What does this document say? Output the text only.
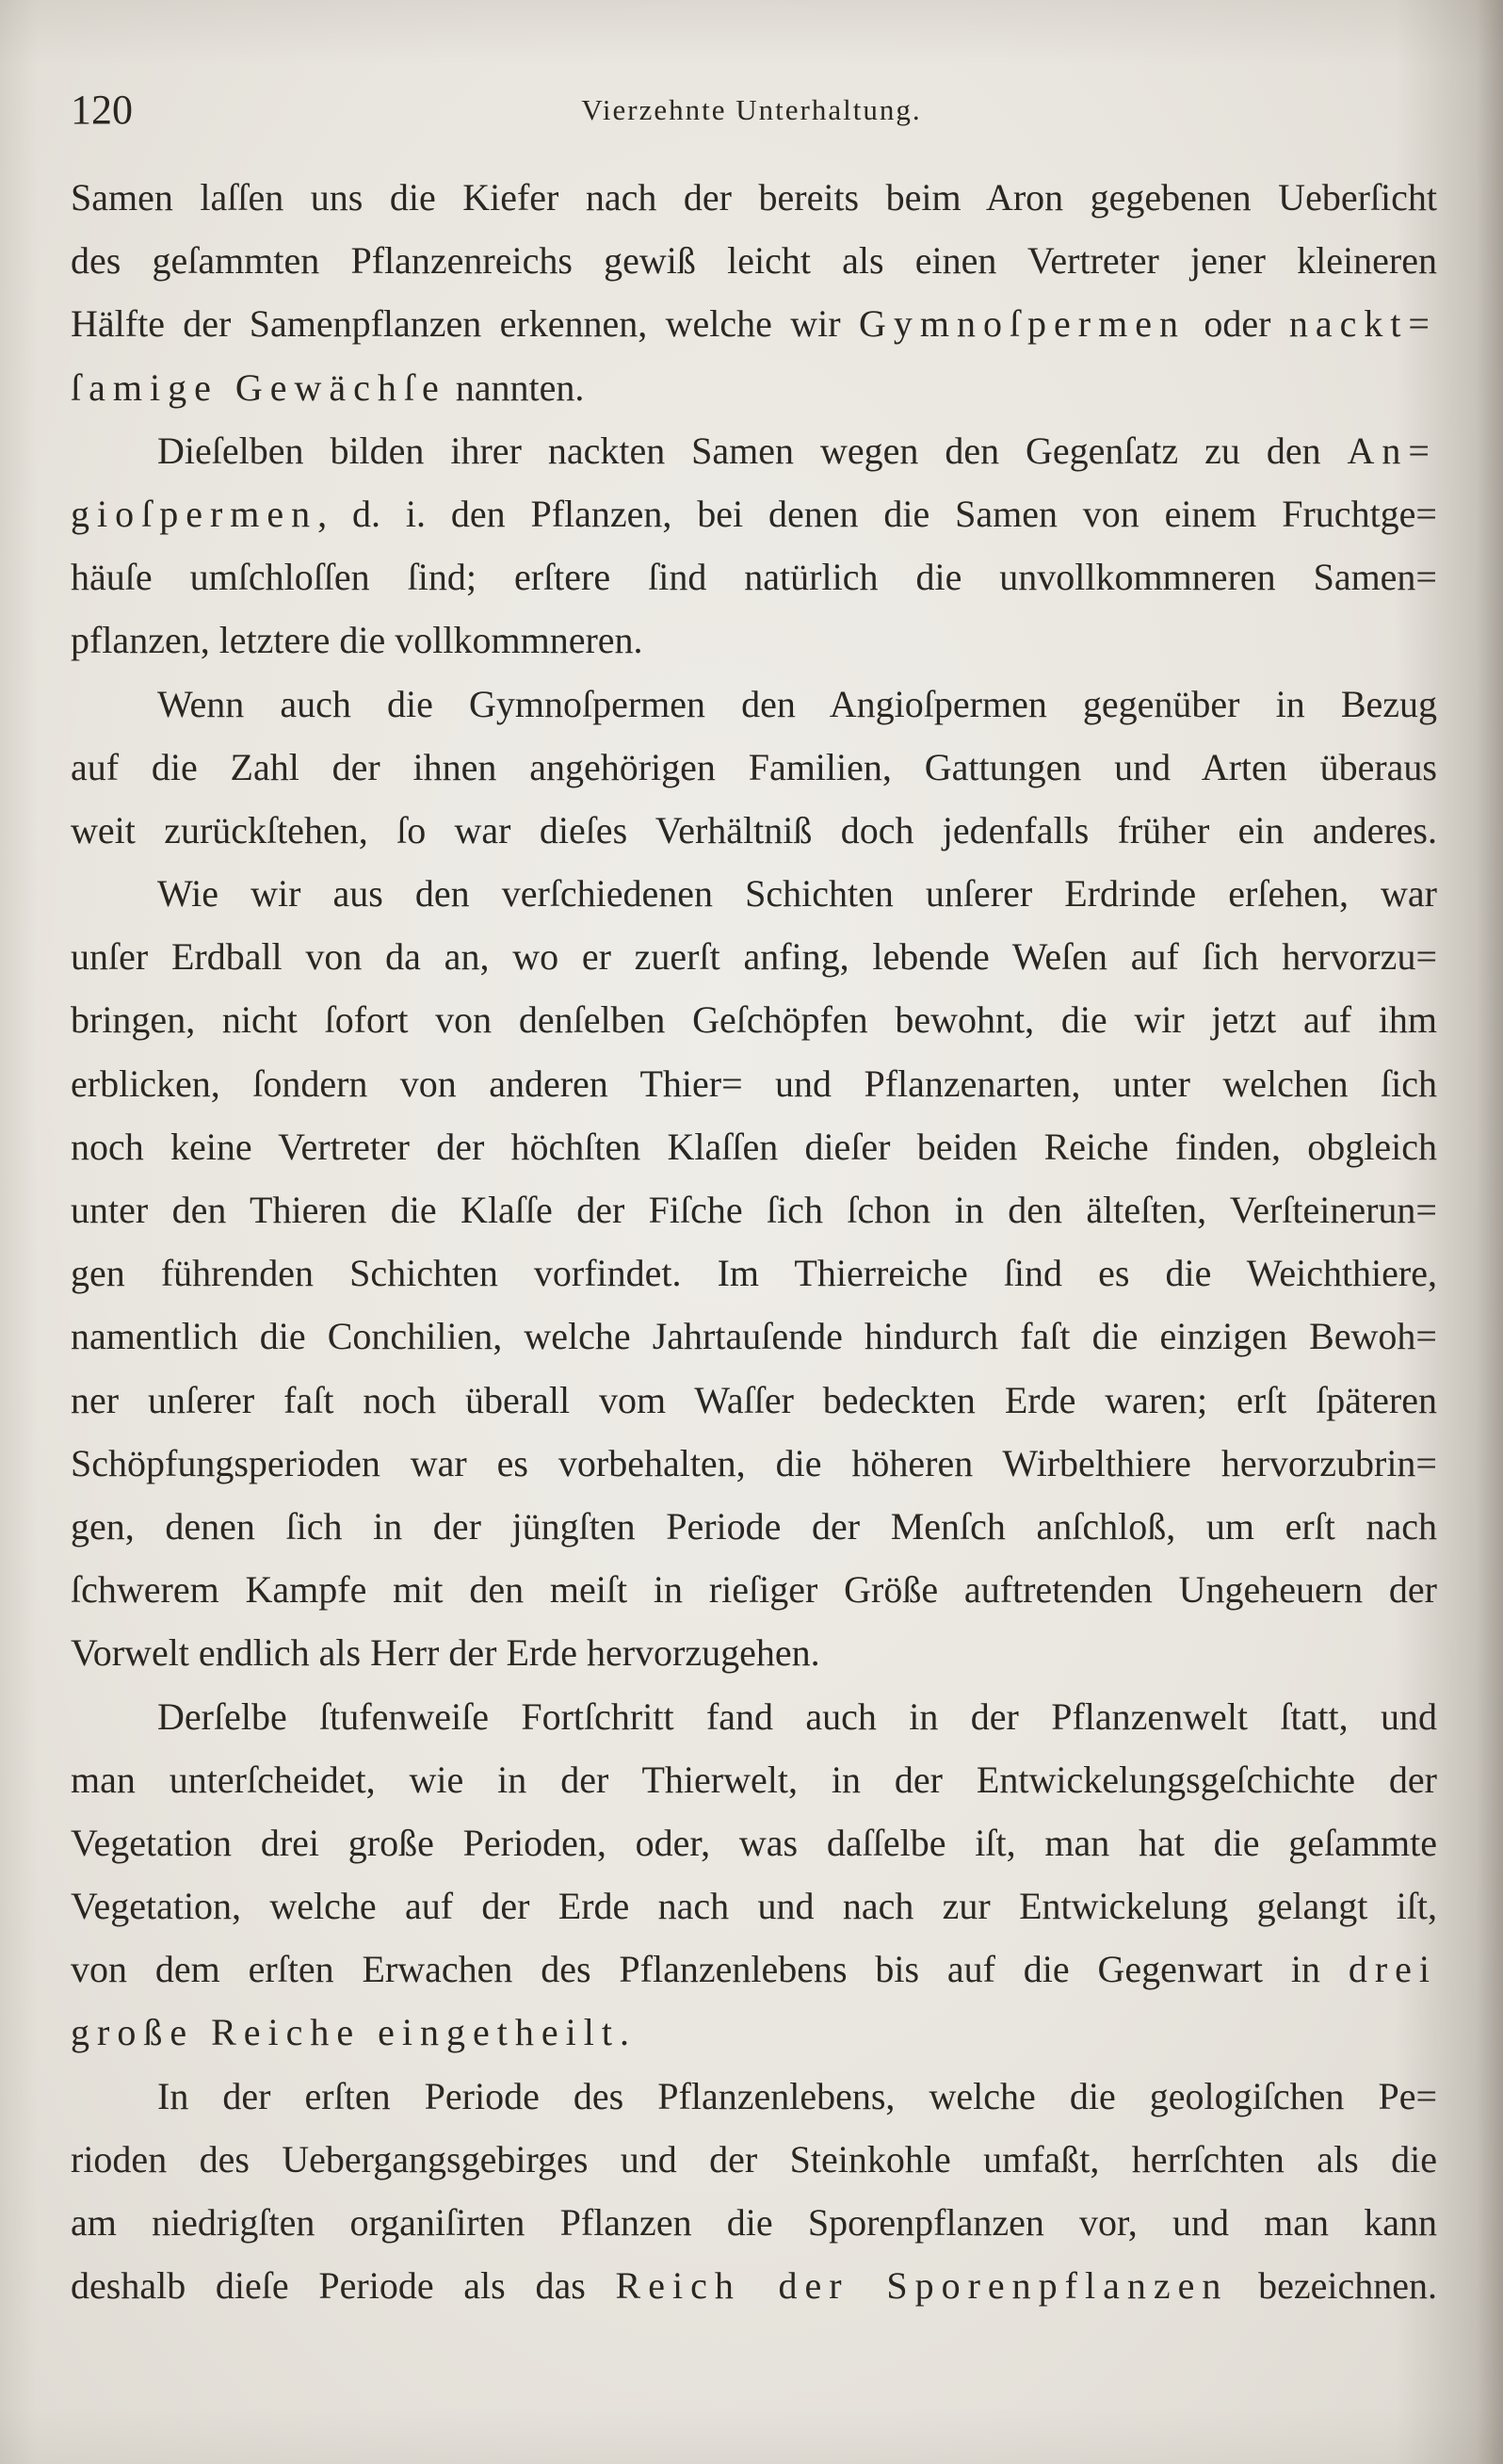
120	Vierzehnte Unterhaltung.
Samen laſſen uns die Kiefer nach der bereits beim Aron gegebenen Ueberſicht
des geſammten Pflanzenreichs gewiß leicht als einen Vertreter jener kleineren
Hälfte der Samenpflanzen erkennen, welche wir Gymnoſpermen oder nackt=
ſamige Gewächſe nannten.
Dieſelben bilden ihrer nackten Samen wegen den Gegenſatz zu den An=
gioſpermen, d. i. den Pflanzen, bei denen die Samen von einem Fruchtge=
häuſe umſchloſſen ſind; erſtere ſind natürlich die unvollkommneren Samen=
pflanzen, letztere die vollkommneren.
Wenn auch die Gymnoſpermen den Angioſpermen gegenüber in Bezug
auf die Zahl der ihnen angehörigen Familien, Gattungen und Arten überaus
weit zurückſtehen, ſo war dieſes Verhältniß doch jedenfalls früher ein anderes.
Wie wir aus den verſchiedenen Schichten unſerer Erdrinde erſehen, war
unſer Erdball von da an, wo er zuerſt anfing, lebende Weſen auf ſich hervorzu=
bringen, nicht ſofort von denſelben Geſchöpfen bewohnt, die wir jetzt auf ihm
erblicken, ſondern von anderen Thier= und Pflanzenarten, unter welchen ſich
noch keine Vertreter der höchſten Klaſſen dieſer beiden Reiche finden, obgleich
unter den Thieren die Klaſſe der Fiſche ſich ſchon in den älteſten, Verſteinerun=
gen führenden Schichten vorfindet. Im Thierreiche ſind es die Weichthiere,
namentlich die Conchilien, welche Jahrtauſende hindurch faſt die einzigen Bewoh=
ner unſerer faſt noch überall vom Waſſer bedeckten Erde waren; erſt ſpäteren
Schöpfungsperioden war es vorbehalten, die höheren Wirbelthiere hervorzubrin=
gen, denen ſich in der jüngſten Periode der Menſch anſchloß, um erſt nach
ſchwerem Kampfe mit den meiſt in rieſiger Größe auftretenden Ungeheuern der
Vorwelt endlich als Herr der Erde hervorzugehen.
Derſelbe ſtufenweiſe Fortſchritt fand auch in der Pflanzenwelt ſtatt, und
man unterſcheidet, wie in der Thierwelt, in der Entwickelungsgeſchichte der
Vegetation drei große Perioden, oder, was daſſelbe iſt, man hat die geſammte
Vegetation, welche auf der Erde nach und nach zur Entwickelung gelangt iſt,
von dem erſten Erwachen des Pflanzenlebens bis auf die Gegenwart in drei
große Reiche eingetheilt.
In der erſten Periode des Pflanzenlebens, welche die geologiſchen Pe=
rioden des Uebergangsgebirges und der Steinkohle umfaßt, herrſchten als die
am niedrigſten organiſirten Pflanzen die Sporenpflanzen vor, und man kann
deshalb dieſe Periode als das Reich der Sporenpflanzen bezeichnen.
